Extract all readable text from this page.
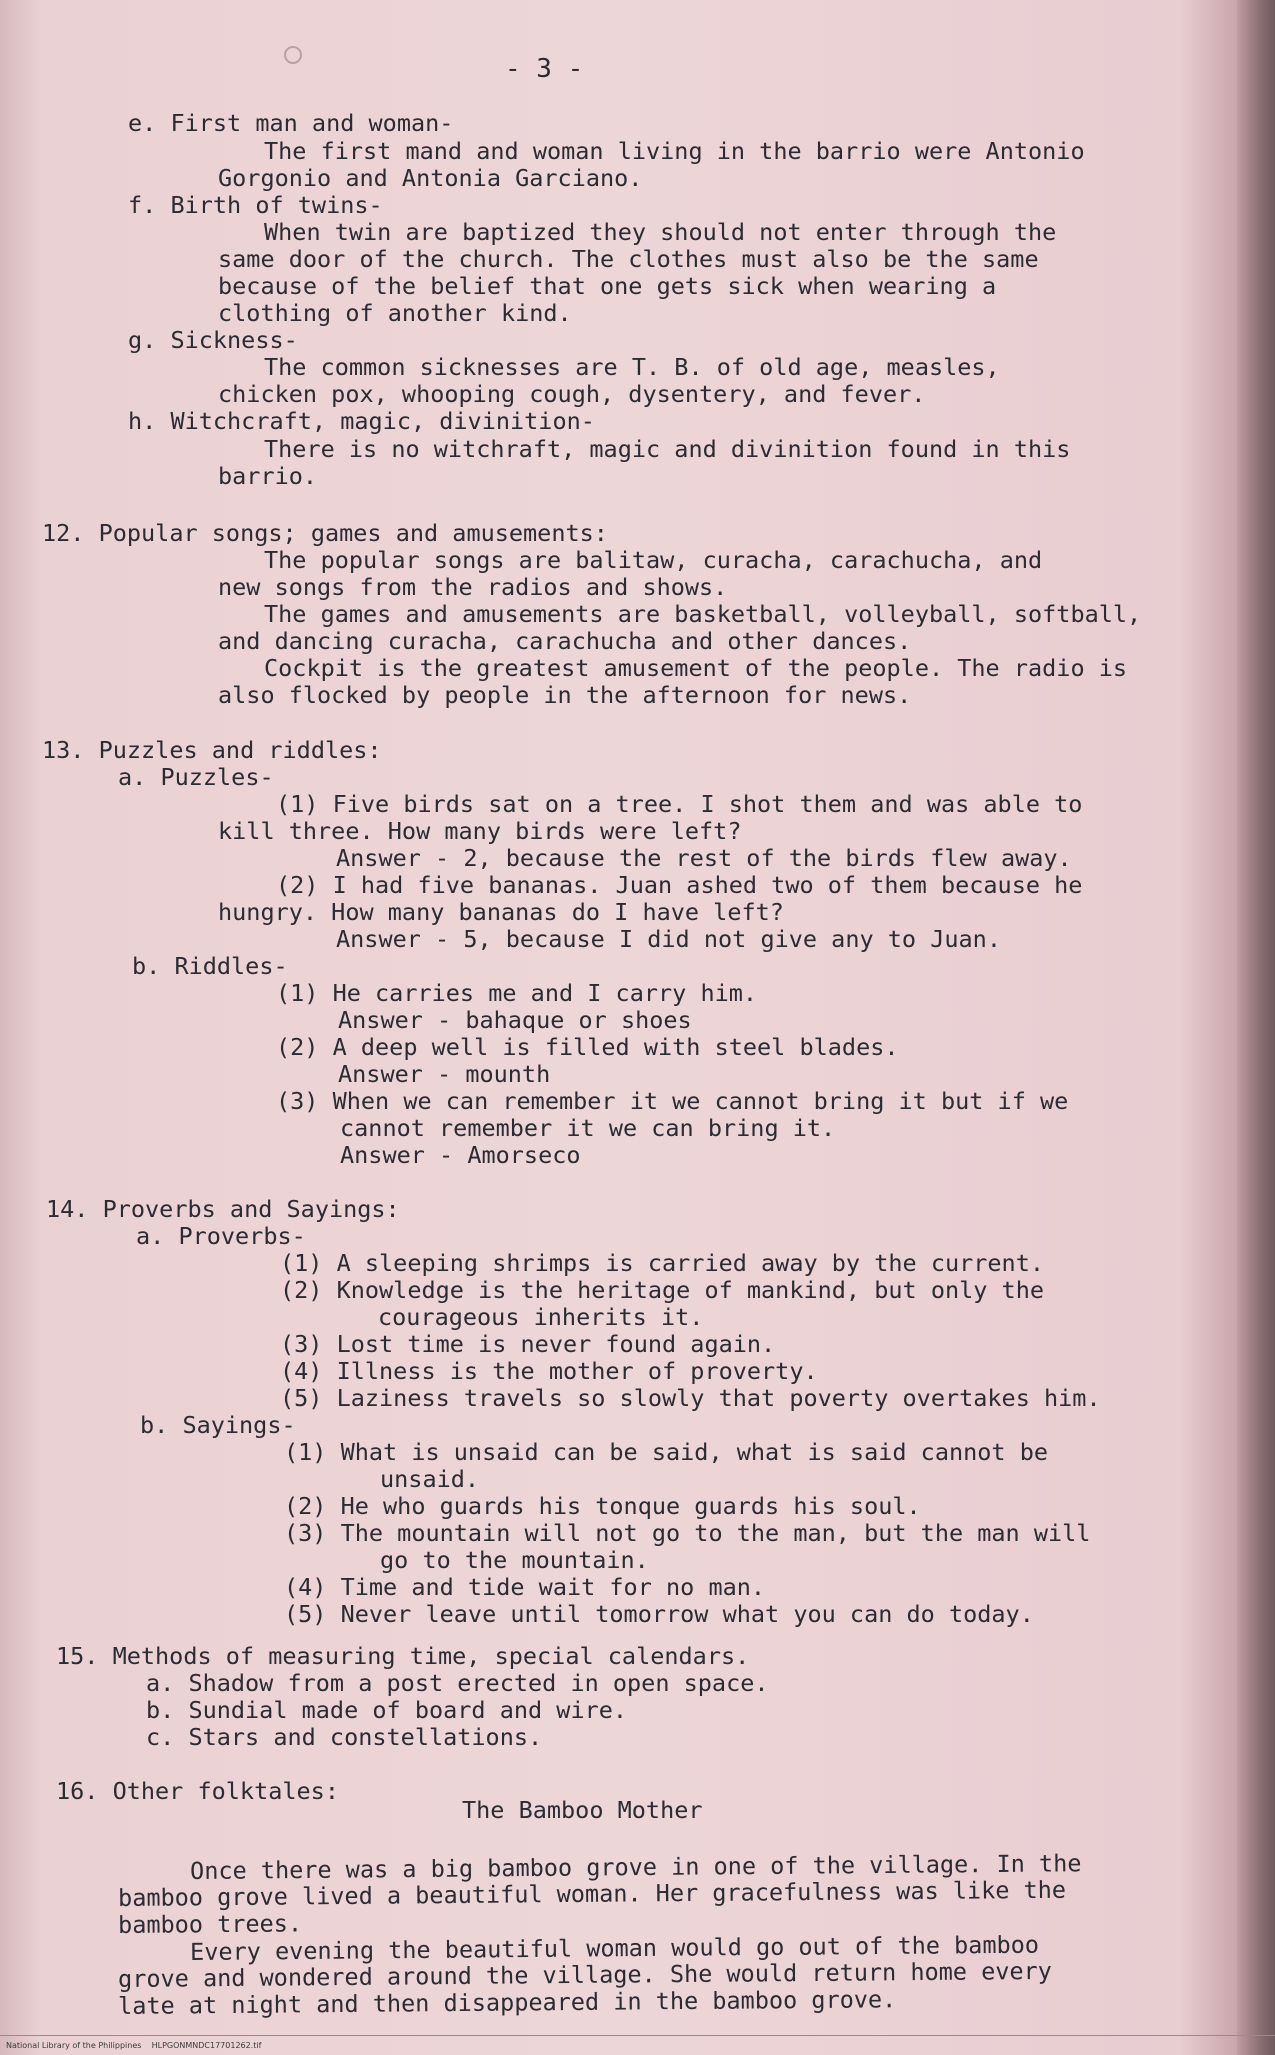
- 3 -
e. First man and woman-
The first mand and woman living in the barrio were Antonio
Gorgonio and Antonia Garciano.
f. Birth of twins-
When twin are baptized they should not enter through the
same door of the church. The clothes must also be the same
because of the belief that one gets sick when wearing a
clothing of another kind.
g. Sickness-
The common sicknesses are T. B. of old age, measles,
chicken pox, whooping cough, dysentery, and fever.
h. Witchcraft, magic, divinition-
There is no witchraft, magic and divinition found in this
barrio.
12. Popular songs; games and amusements:
The popular songs are balitaw, curacha, carachucha, and
new songs from the radios and shows.
The games and amusements are basketball, volleyball, softball,
and dancing curacha, carachucha and other dances.
Cockpit is the greatest amusement of the people. The radio is
also flocked by people in the afternoon for news.
13. Puzzles and riddles:
a. Puzzles-
(1) Five birds sat on a tree. I shot them and was able to
kill three. How many birds were left?
Answer - 2, because the rest of the birds flew away.
(2) I had five bananas. Juan ashed two of them because he
hungry. How many bananas do I have left?
Answer - 5, because I did not give any to Juan.
b. Riddles-
(1) He carries me and I carry him.
Answer - bahaque or shoes
(2) A deep well is filled with steel blades.
Answer - mounth
(3) When we can remember it we cannot bring it but if we
cannot remember it we can bring it.
Answer - Amorseco
14. Proverbs and Sayings:
a. Proverbs-
(1) A sleeping shrimps is carried away by the current.
(2) Knowledge is the heritage of mankind, but only the
courageous inherits it.
(3) Lost time is never found again.
(4) Illness is the mother of proverty.
(5) Laziness travels so slowly that poverty overtakes him.
b. Sayings-
(1) What is unsaid can be said, what is said cannot be
unsaid.
(2) He who guards his tonque guards his soul.
(3) The mountain will not go to the man, but the man will
go to the mountain.
(4) Time and tide wait for no man.
(5) Never leave until tomorrow what you can do today.
15. Methods of measuring time, special calendars.
a. Shadow from a post erected in open space.
b. Sundial made of board and wire.
c. Stars and constellations.
16. Other folktales:
The Bamboo Mother
Once there was a big bamboo grove in one of the village. In the
bamboo grove lived a beautiful woman. Her gracefulness was like the
bamboo trees.
Every evening the beautiful woman would go out of the bamboo
grove and wondered around the village. She would return home every
late at night and then disappeared in the bamboo grove.
National Library of the Philippines    HLPGONMNDC17701262.tif
